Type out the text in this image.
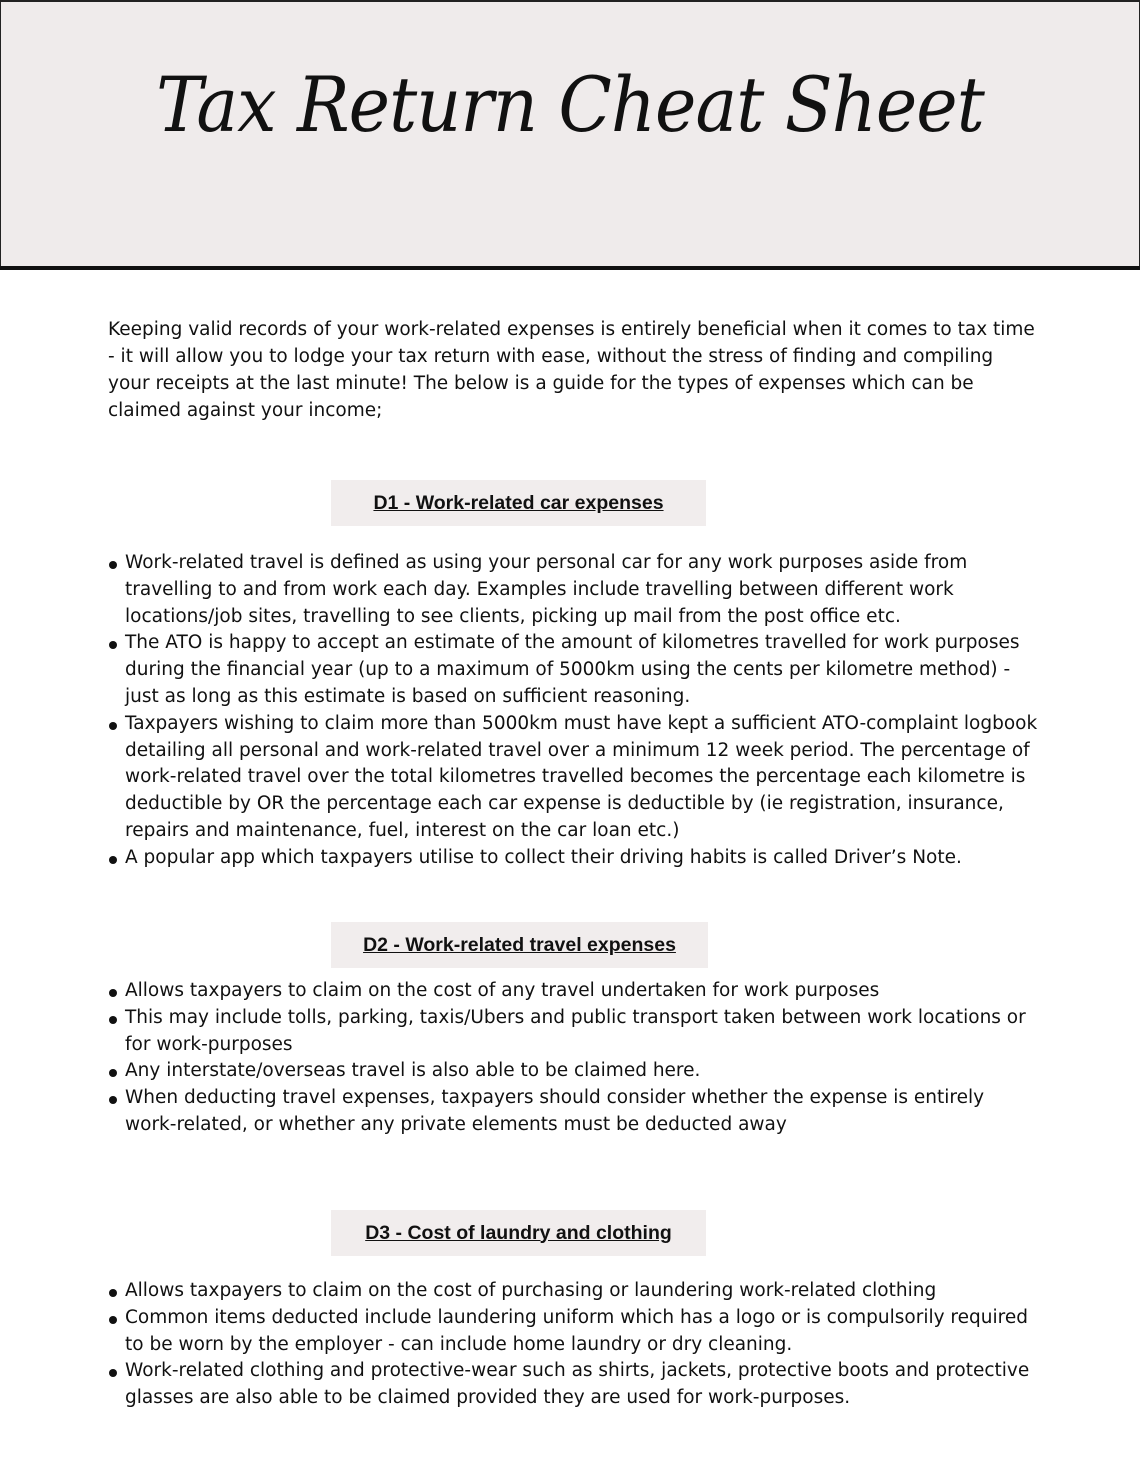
Tax Return Cheat Sheet

Keeping valid records of your work-related expenses is entirely beneficial when it comes to tax time - it will allow you to lodge your tax return with ease, without the stress of finding and compiling your receipts at the last minute! The below is a guide for the types of expenses which can be claimed against your income;

D1 - Work-related car expenses
Work-related travel is defined as using your personal car for any work purposes aside from travelling to and from work each day. Examples include travelling between different work locations/job sites, travelling to see clients, picking up mail from the post office etc.
The ATO is happy to accept an estimate of the amount of kilometres travelled for work purposes during the financial year (up to a maximum of 5000km using the cents per kilometre method) - just as long as this estimate is based on sufficient reasoning.
Taxpayers wishing to claim more than 5000km must have kept a sufficient ATO-complaint logbook detailing all personal and work-related travel over a minimum 12 week period. The percentage of work-related travel over the total kilometres travelled becomes the percentage each kilometre is deductible by OR the percentage each car expense is deductible by (ie registration, insurance, repairs and maintenance, fuel, interest on the car loan etc.)
A popular app which taxpayers utilise to collect their driving habits is called Driver’s Note.
D2 - Work-related travel expenses
Allows taxpayers to claim on the cost of any travel undertaken for work purposes
This may include tolls, parking, taxis/Ubers and public transport taken between work locations or for work-purposes
Any interstate/overseas travel is also able to be claimed here.
When deducting travel expenses, taxpayers should consider whether the expense is entirely work-related, or whether any private elements must be deducted away
D3 - Cost of laundry and clothing
Allows taxpayers to claim on the cost of purchasing or laundering work-related clothing
Common items deducted include laundering uniform which has a logo or is compulsorily required to be worn by the employer - can include home laundry or dry cleaning.
Work-related clothing and protective-wear such as shirts, jackets, protective boots and protective glasses are also able to be claimed provided they are used for work-purposes.
